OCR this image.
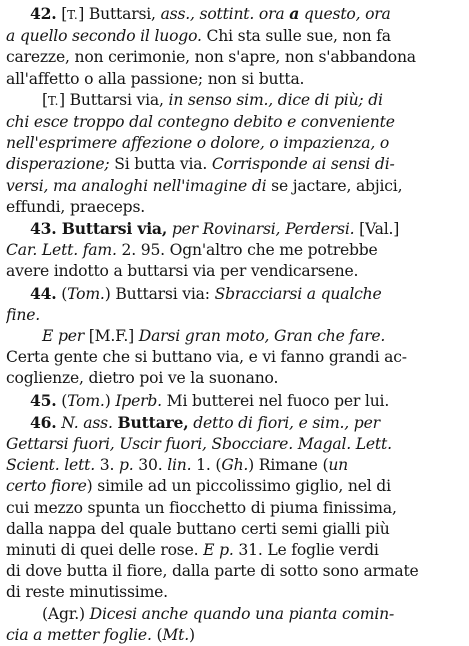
42. [T.] Buttarsi, ass., sottint. ora a questo, ora
a quello secondo il luogo. Chi sta sulle sue, non fa
carezze, non cerimonie, non s'apre, non s'abbandona
all'affetto o alla passione; non si butta.

[T.] Buttarsi via, in senso sim., dice di più; di
chi esce troppo dal contegno debito e conveniente
nell'esprimere affezione o dolore, o impazienza, o
disperazione; Si butta via. Corrisponde ai sensi di-
versi, ma analoghi nell'imagine di se jactare, abjici,
effundi, praeceps.

43. Buttarsi via, per Rovinarsi, Perdersi. [Val.]
Car. Lett. fam. 2. 95. Ogn'altro che me potrebbe
avere indotto a buttarsi via per vendicarsene.

44. (Tom.) Buttarsi via: Sbracciarsi a qualche
fine.

E per [M.F.] Darsi gran moto, Gran che fare.
Certa gente che si buttano via, e vi fanno grandi ac-
coglienze, dietro poi ve la suonano.

45. (Tom.) Iperb. Mi butterei nel fuoco per lui.

46. N. ass. Buttare, detto di fiori, e sim., per
Gettarsi fuori, Uscir fuori, Sbocciare. Magal. Lett.
Scient. lett. 3. p. 30. lin. 1. (Gh.) Rimane (un
certo fiore) simile ad un piccolissimo giglio, nel di
cui mezzo spunta un fiocchetto di piuma finissima,
dalla nappa del quale buttano certi semi gialli più
minuti di quei delle rose. E p. 31. Le foglie verdi
di dove butta il fiore, dalla parte di sotto sono armate
di reste minutissime.

(Agr.) Dicesi anche quando una pianta comin-
cia a metter foglie. (Mt.)
